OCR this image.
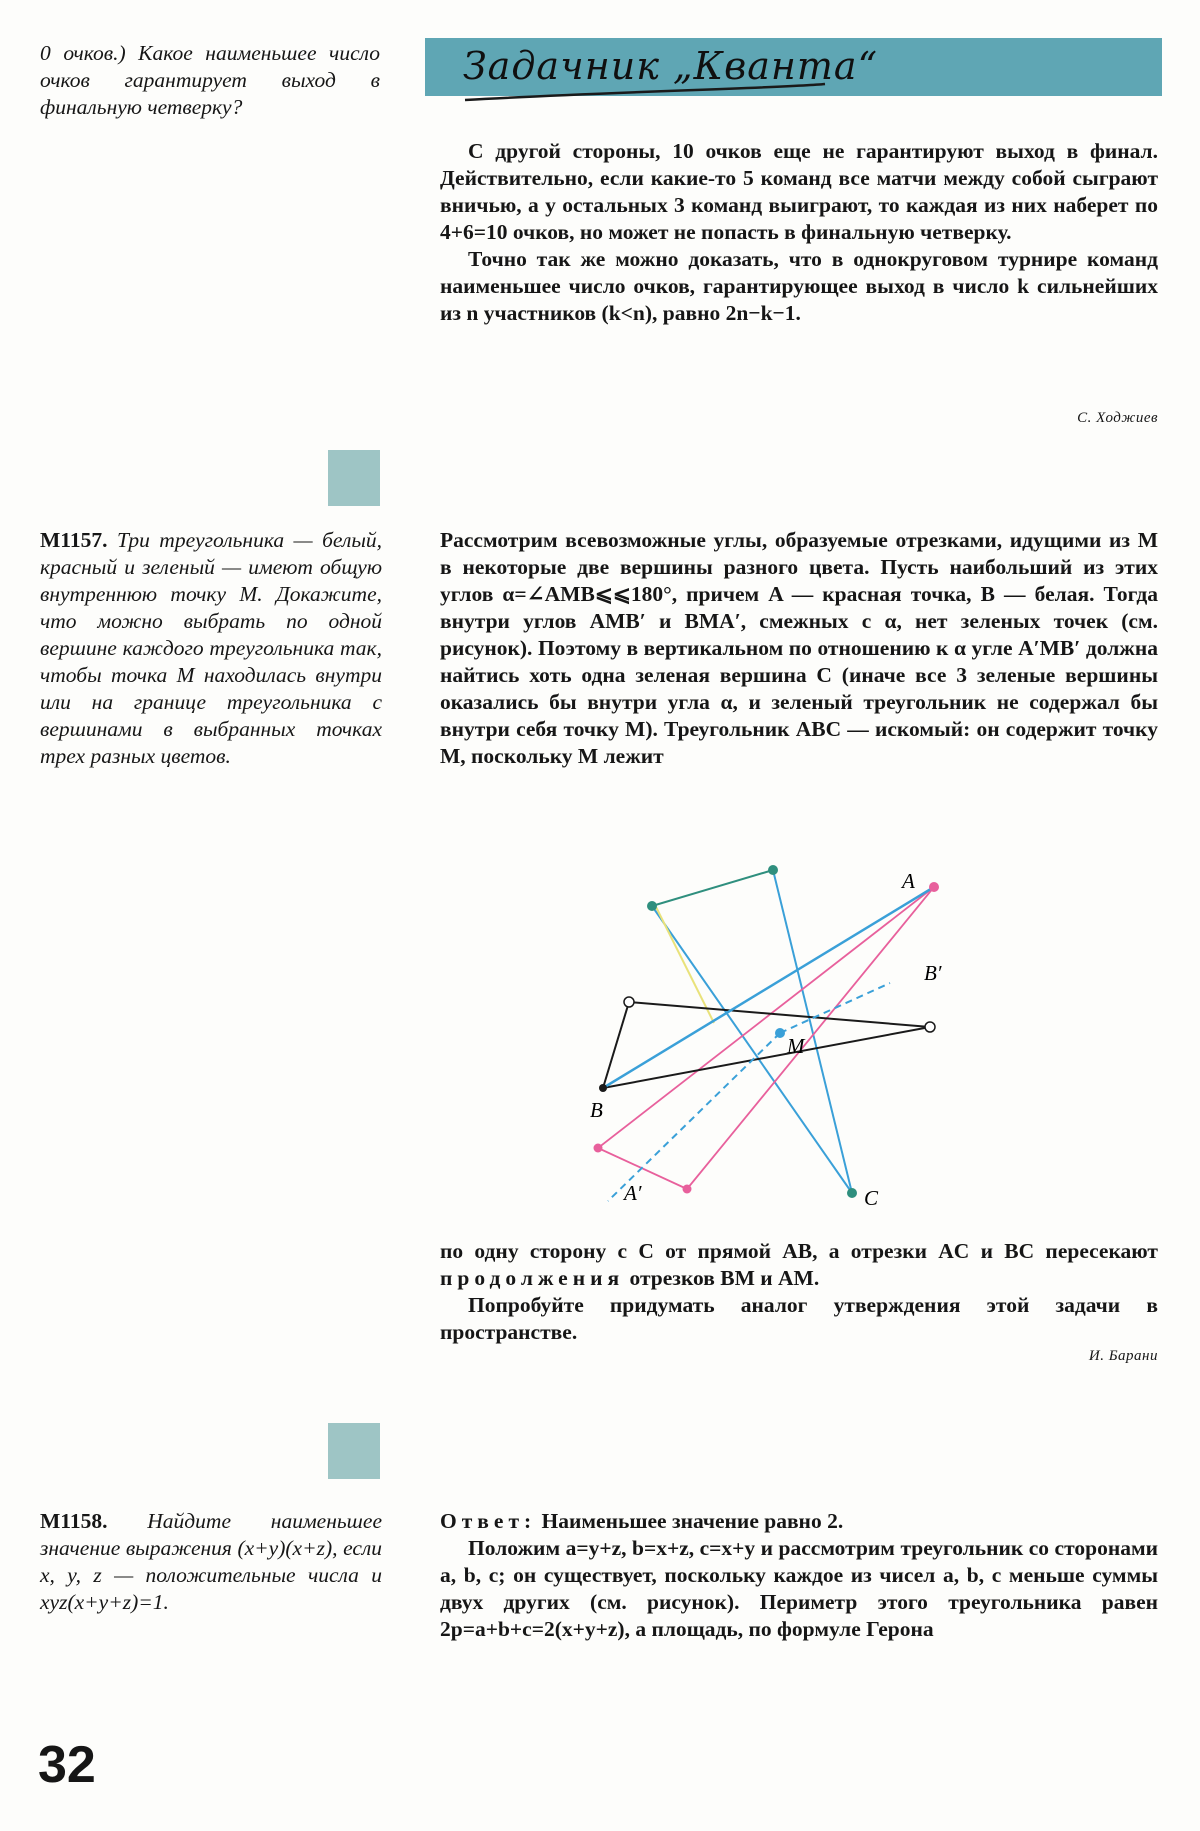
0 очков.) Какое наименьшее число очков гарантирует выход в финальную четверку?
Задачник „Кванта“

С другой стороны, 10 очков еще не гарантируют выход в финал. Действительно, если какие-то 5 команд все матчи между собой сыграют вничью, а у остальных 3 команд выиграют, то каждая из них наберет по 4+6=10 очков, но может не попасть в финальную четверку.

Точно так же можно доказать, что в однокруговом турнире команд наименьшее число очков, гарантирующее выход в число k сильнейших из n участников (k<n), равно 2n−k−1.

С. Ходжиев
М1157. Три треугольника — белый, красный и зеленый — имеют общую внутреннюю точку М. Докажите, что можно выбрать по одной вершине каждого треугольника так, чтобы точка М находилась внутри или на границе треугольника с вершинами в выбранных точках трех разных цветов.

Рассмотрим всевозможные углы, образуемые отрезками, идущими из M в некоторые две вершины разного цвета. Пусть наибольший из этих углов α=∠AMB⩽⩽180°, причем A — красная точка, B — белая. Тогда внутри углов AMB′ и BMA′, смежных с α, нет зеленых точек (см. рисунок). Поэтому в вертикальном по отношению к α угле A′MB′ должна найтись хоть одна зеленая вершина C (иначе все 3 зеленые вершины оказались бы внутри угла α, и зеленый треугольник не содержал бы внутри себя точку M). Треугольник ABC — искомый: он содержит точку M, поскольку M лежит

A
B
C
M
A′
B′

по одну сторону с C от прямой AB, а отрезки AC и BC пересекают продолжения отрезков BM и AM.

Попробуйте придумать аналог утверждения этой задачи в пространстве.

И. Барани
М1158. Найдите наименьшее значение выражения (x+y)(x+z), если x, y, z — положительные числа и xyz(x+y+z)=1.

Ответ: Наименьшее значение равно 2.

Положим a=y+z, b=x+z, c=x+y и рассмотрим треугольник со сторонами a, b, c; он существует, поскольку каждое из чисел a, b, c меньше суммы двух других (см. рисунок). Периметр этого треугольника равен 2p=a+b+c=2(x+y+z), а площадь, по формуле Герона

32
